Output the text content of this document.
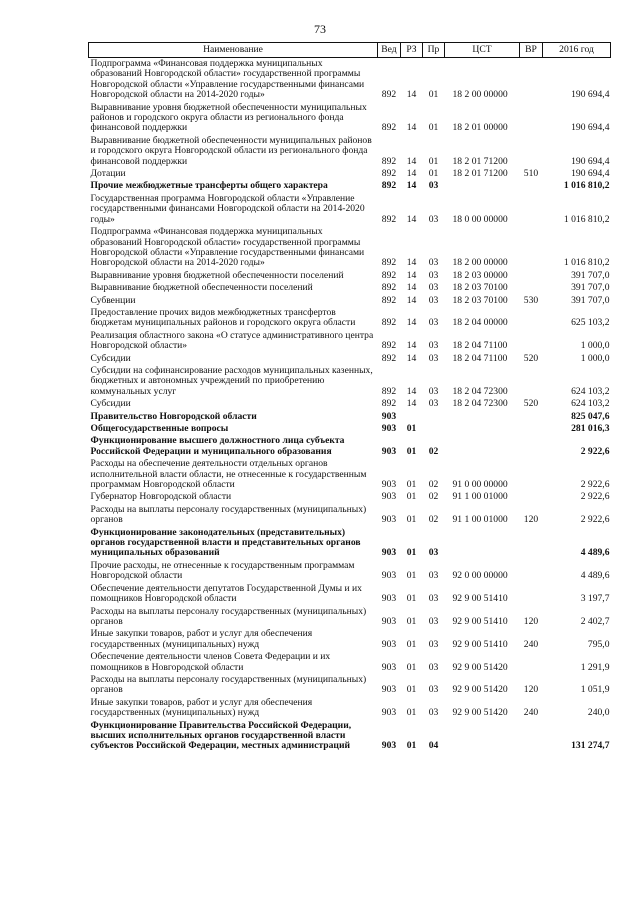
73
Наименование	Вед	РЗ	Пр	ЦСТ	ВР	2016 год
Подпрограмма «Финансовая поддержка муниципальных образований Новгородской области» государственной программы Новгородской области «Управление государственными финансами Новгородской области на 2014-2020 годы»	892	14	01	18 2 00 00000		190 694,4
Выравнивание уровня бюджетной обеспеченности муниципальных районов и городского округа области из регионального фонда финансовой поддержки	892	14	01	18 2 01 00000		190 694,4
Выравнивание бюджетной обеспеченности муниципальных районов и городского округа Новгородской области из регионального фонда финансовой поддержки	892	14	01	18 2 01 71200		190 694,4
Дотации	892	14	01	18 2 01 71200	510	190 694,4
Прочие межбюджетные трансферты общего характера	892	14	03			1 016 810,2
Государственная программа Новгородской области «Управление государственными финансами Новгородской области на 2014-2020 годы»	892	14	03	18 0 00 00000		1 016 810,2
Подпрограмма «Финансовая поддержка муниципальных образований Новгородской области» государственной программы Новгородской области «Управление государственными финансами Новгородской области на 2014-2020 годы»	892	14	03	18 2 00 00000		1 016 810,2
Выравнивание уровня бюджетной обеспеченности поселений	892	14	03	18 2 03 00000		391 707,0
Выравнивание бюджетной обеспеченности поселений	892	14	03	18 2 03 70100		391 707,0
Субвенции	892	14	03	18 2 03 70100	530	391 707,0
Предоставление прочих видов межбюджетных трансфертов бюджетам муниципальных районов и городского округа области	892	14	03	18 2 04 00000		625 103,2
Реализация областного закона «О статусе административного центра Новгородской области»	892	14	03	18 2 04 71100		1 000,0
Субсидии	892	14	03	18 2 04 71100	520	1 000,0
Субсидии на софинансирование расходов муниципальных казенных, бюджетных и автономных учреждений по приобретению коммунальных услуг	892	14	03	18 2 04 72300		624 103,2
Субсидии	892	14	03	18 2 04 72300	520	624 103,2
Правительство Новгородской области	903					825 047,6
Общегосударственные вопросы	903	01				281 016,3
Функционирование высшего должностного лица субъекта Российской Федерации и муниципального образования	903	01	02			2 922,6
Расходы на обеспечение деятельности отдельных органов исполнительной власти области, не отнесенные к государственным программам Новгородской области	903	01	02	91 0 00 00000		2 922,6
Губернатор Новгородской области	903	01	02	91 1 00 01000		2 922,6
Расходы на выплаты персоналу государственных (муниципальных) органов	903	01	02	91 1 00 01000	120	2 922,6
Функционирование законодательных (представительных) органов государственной власти и представительных органов муниципальных образований	903	01	03			4 489,6
Прочие расходы, не отнесенные к государственным программам Новгородской области	903	01	03	92 0 00 00000		4 489,6
Обеспечение деятельности депутатов Государственной Думы и их помощников Новгородской области	903	01	03	92 9 00 51410		3 197,7
Расходы на выплаты персоналу государственных (муниципальных) органов	903	01	03	92 9 00 51410	120	2 402,7
Иные закупки товаров, работ и услуг для обеспечения государственных (муниципальных) нужд	903	01	03	92 9 00 51410	240	795,0
Обеспечение деятельности членов Совета Федерации и их помощников в Новгородской области	903	01	03	92 9 00 51420		1 291,9
Расходы на выплаты персоналу государственных (муниципальных) органов	903	01	03	92 9 00 51420	120	1 051,9
Иные закупки товаров, работ и услуг для обеспечения государственных (муниципальных) нужд	903	01	03	92 9 00 51420	240	240,0
Функционирование Правительства Российской Федерации, высших исполнительных органов государственной власти субъектов Российской Федерации, местных администраций	903	01	04			131 274,7
